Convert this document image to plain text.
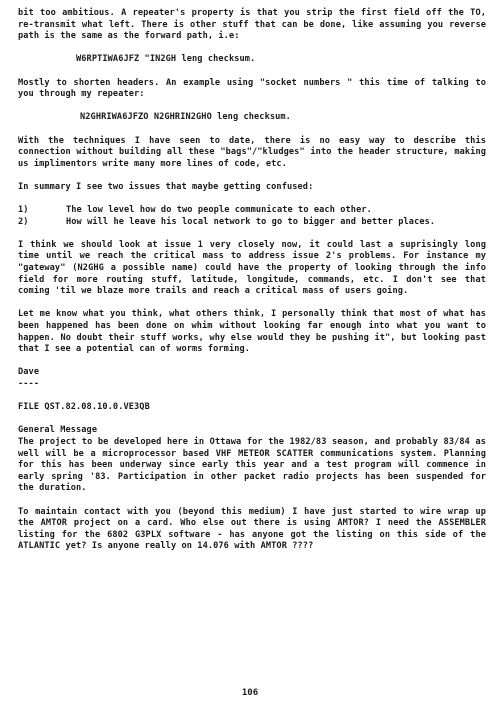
bit too ambitious. A repeater's property is that you strip the first field off the TO, re-transmit what left. There is other stuff that can be done, like assuming you reverse path is the same as the forward path, i.e:

W6RPTIWA6JFZ "IN2GH leng checksum.

Mostly to shorten headers. An example using "socket numbers " this time of talking to you through my repeater:

N2GHRIWA6JFZO N2GHRIN2GHO leng checksum.

With the techniques I have seen to date, there is no easy way to describe this connection without building all these "bags"/"kludges" into the header structure, making us implimentors write many more lines of code, etc.

In summary I see two issues that maybe getting confused:

1)	The low level how do two people communicate to each other.
2)	How will he leave his local network to go to bigger and better places.

I think we should look at issue 1 very closely now, it could last a suprisingly long time until we reach the critical mass to address issue 2's problems. For instance my "gateway" (N2GHG a possible name) could have the property of looking through the info field for more routing stuff, latitude, longitude, commands, etc. I don't see that coming 'til we blaze more trails and reach a critical mass of users going.

Let me know what you think, what others think, I personally think that most of what has been happened has been done on whim without looking far enough into what you want to happen. No doubt their stuff works, why else would they be pushing it", but looking past that I see a potential can of worms forming.

Dave

----

FILE QST.82.08.10.0.VE3QB

General Message

The project to be developed here in Ottawa for the 1982/83 season, and probably 83/84 as well will be a microprocessor based VHF METEOR SCATTER communications system. Planning for this has been underway since early this year and a test program will commence in early spring '83. Participation in other packet radio projects has been suspended for the duration.

To maintain contact with you (beyond this medium) I have just started to wire wrap up the AMTOR project on a card. Who else out there is using AMTOR? I need the ASSEMBLER listing for the 6802 G3PLX software - has anyone got the listing on this side of the ATLANTIC yet? Is anyone really on 14.076 with AMTOR ????

106
